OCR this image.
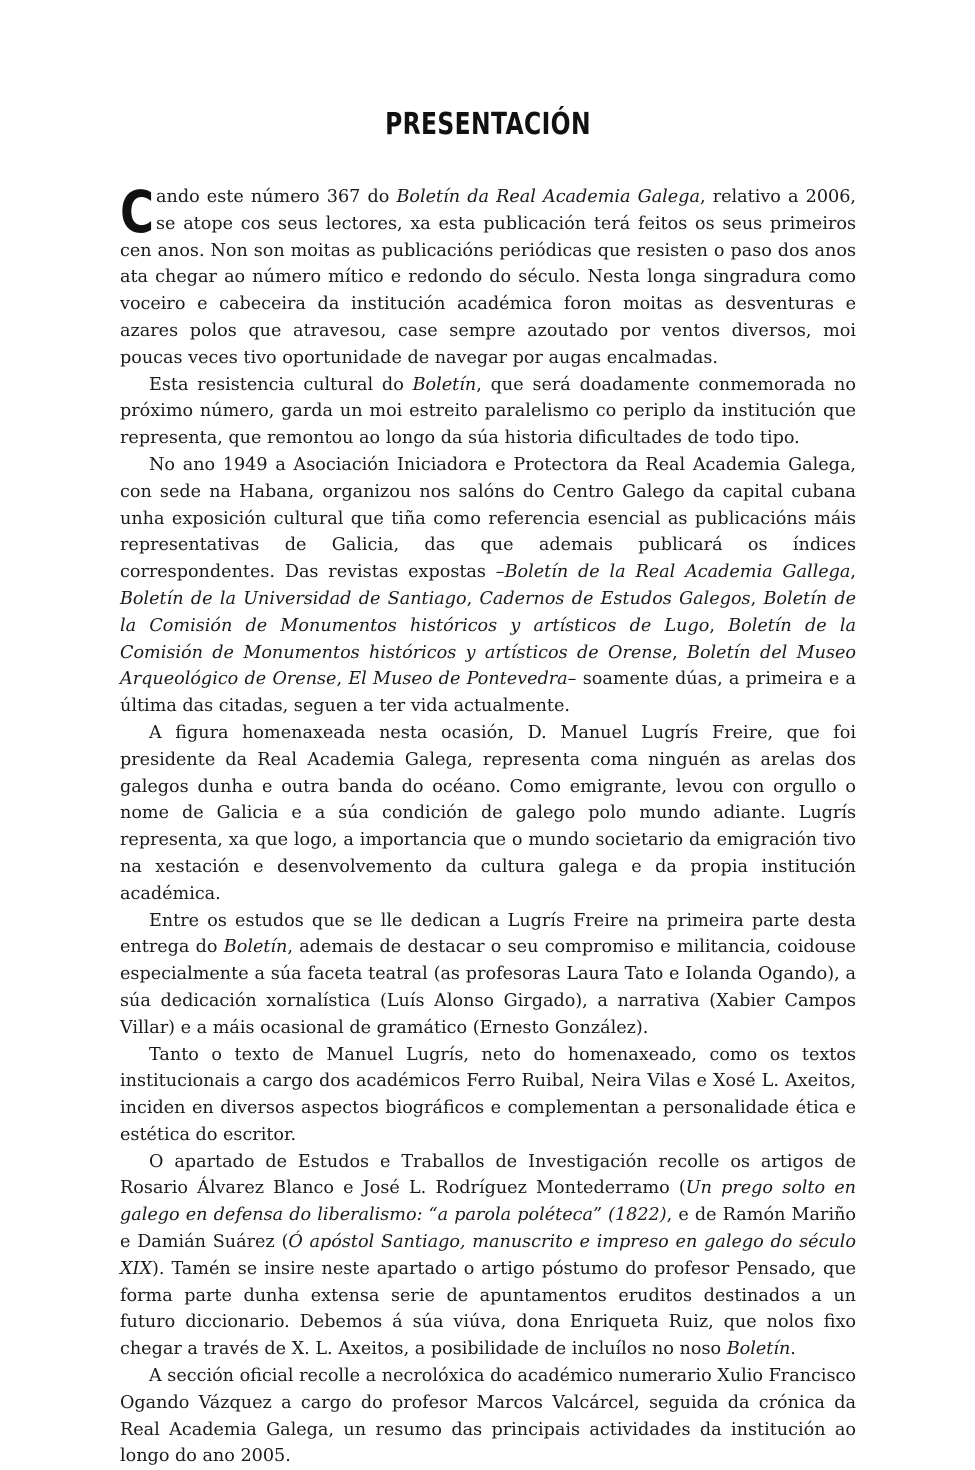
PRESENTACIÓN

Cando este número 367 do Boletín da Real Academia Galega, relativo a 2006, se atope cos seus lectores, xa esta publicación terá feitos os seus primeiros cen anos. Non son moitas as publicacións periódicas que resisten o paso dos anos ata chegar ao número mítico e redondo do século. Nesta longa singradura como voceiro e cabeceira da institución académica foron moitas as desventuras e azares polos que atravesou, case sempre azoutado por ventos diversos, moi poucas veces tivo oportunidade de navegar por augas encalmadas.

Esta resistencia cultural do Boletín, que será doadamente conmemorada no próximo número, garda un moi estreito paralelismo co periplo da institución que representa, que remontou ao longo da súa historia dificultades de todo tipo.

No ano 1949 a Asociación Iniciadora e Protectora da Real Academia Galega, con sede na Habana, organizou nos salóns do Centro Galego da capital cubana unha exposición cultural que tiña como referencia esencial as publicacións máis representativas de Galicia, das que ademais publicará os índices correspondentes. Das revistas expostas –Boletín de la Real Academia Gallega, Boletín de la Universidad de Santiago, Cadernos de Estudos Galegos, Boletín de la Comisión de Monumentos históricos y artísticos de Lugo, Boletín de la Comisión de Monumentos históricos y artísticos de Orense, Boletín del Museo Arqueológico de Orense, El Museo de Pontevedra– soamente dúas, a primeira e a última das citadas, seguen a ter vida actualmente.

A figura homenaxeada nesta ocasión, D. Manuel Lugrís Freire, que foi presidente da Real Academia Galega, representa coma ninguén as arelas dos galegos dunha e outra banda do océano. Como emigrante, levou con orgullo o nome de Galicia e a súa condición de galego polo mundo adiante. Lugrís representa, xa que logo, a importancia que o mundo societario da emigración tivo na xestación e desenvolvemento da cultura galega e da propia institución académica.

Entre os estudos que se lle dedican a Lugrís Freire na primeira parte desta entrega do Boletín, ademais de destacar o seu compromiso e militancia, coidouse especialmente a súa faceta teatral (as profesoras Laura Tato e Iolanda Ogando), a súa dedicación xornalística (Luís Alonso Girgado), a narrativa (Xabier Campos Villar) e a máis ocasional de gramático (Ernesto González).

Tanto o texto de Manuel Lugrís, neto do homenaxeado, como os textos institucionais a cargo dos académicos Ferro Ruibal, Neira Vilas e Xosé L. Axeitos, inciden en diversos aspectos biográficos e complementan a personalidade ética e estética do escritor.

O apartado de Estudos e Traballos de Investigación recolle os artigos de Rosario Álvarez Blanco e José L. Rodríguez Montederramo (Un prego solto en galego en defensa do liberalismo: “a parola poléteca” (1822), e de Ramón Mariño e Damián Suárez (Ó apóstol Santiago, manuscrito e impreso en galego do século XIX). Tamén se insire neste apartado o artigo póstumo do profesor Pensado, que forma parte dunha extensa serie de apuntamentos eruditos destinados a un futuro diccionario. Debemos á súa viúva, dona Enriqueta Ruiz, que nolos fixo chegar a través de X. L. Axeitos, a posibilidade de incluílos no noso Boletín.

A sección oficial recolle a necrolóxica do académico numerario Xulio Francisco Ogando Vázquez a cargo do profesor Marcos Valcárcel, seguida da crónica da Real Academia Galega, un resumo das principais actividades da institución ao longo do ano 2005.
